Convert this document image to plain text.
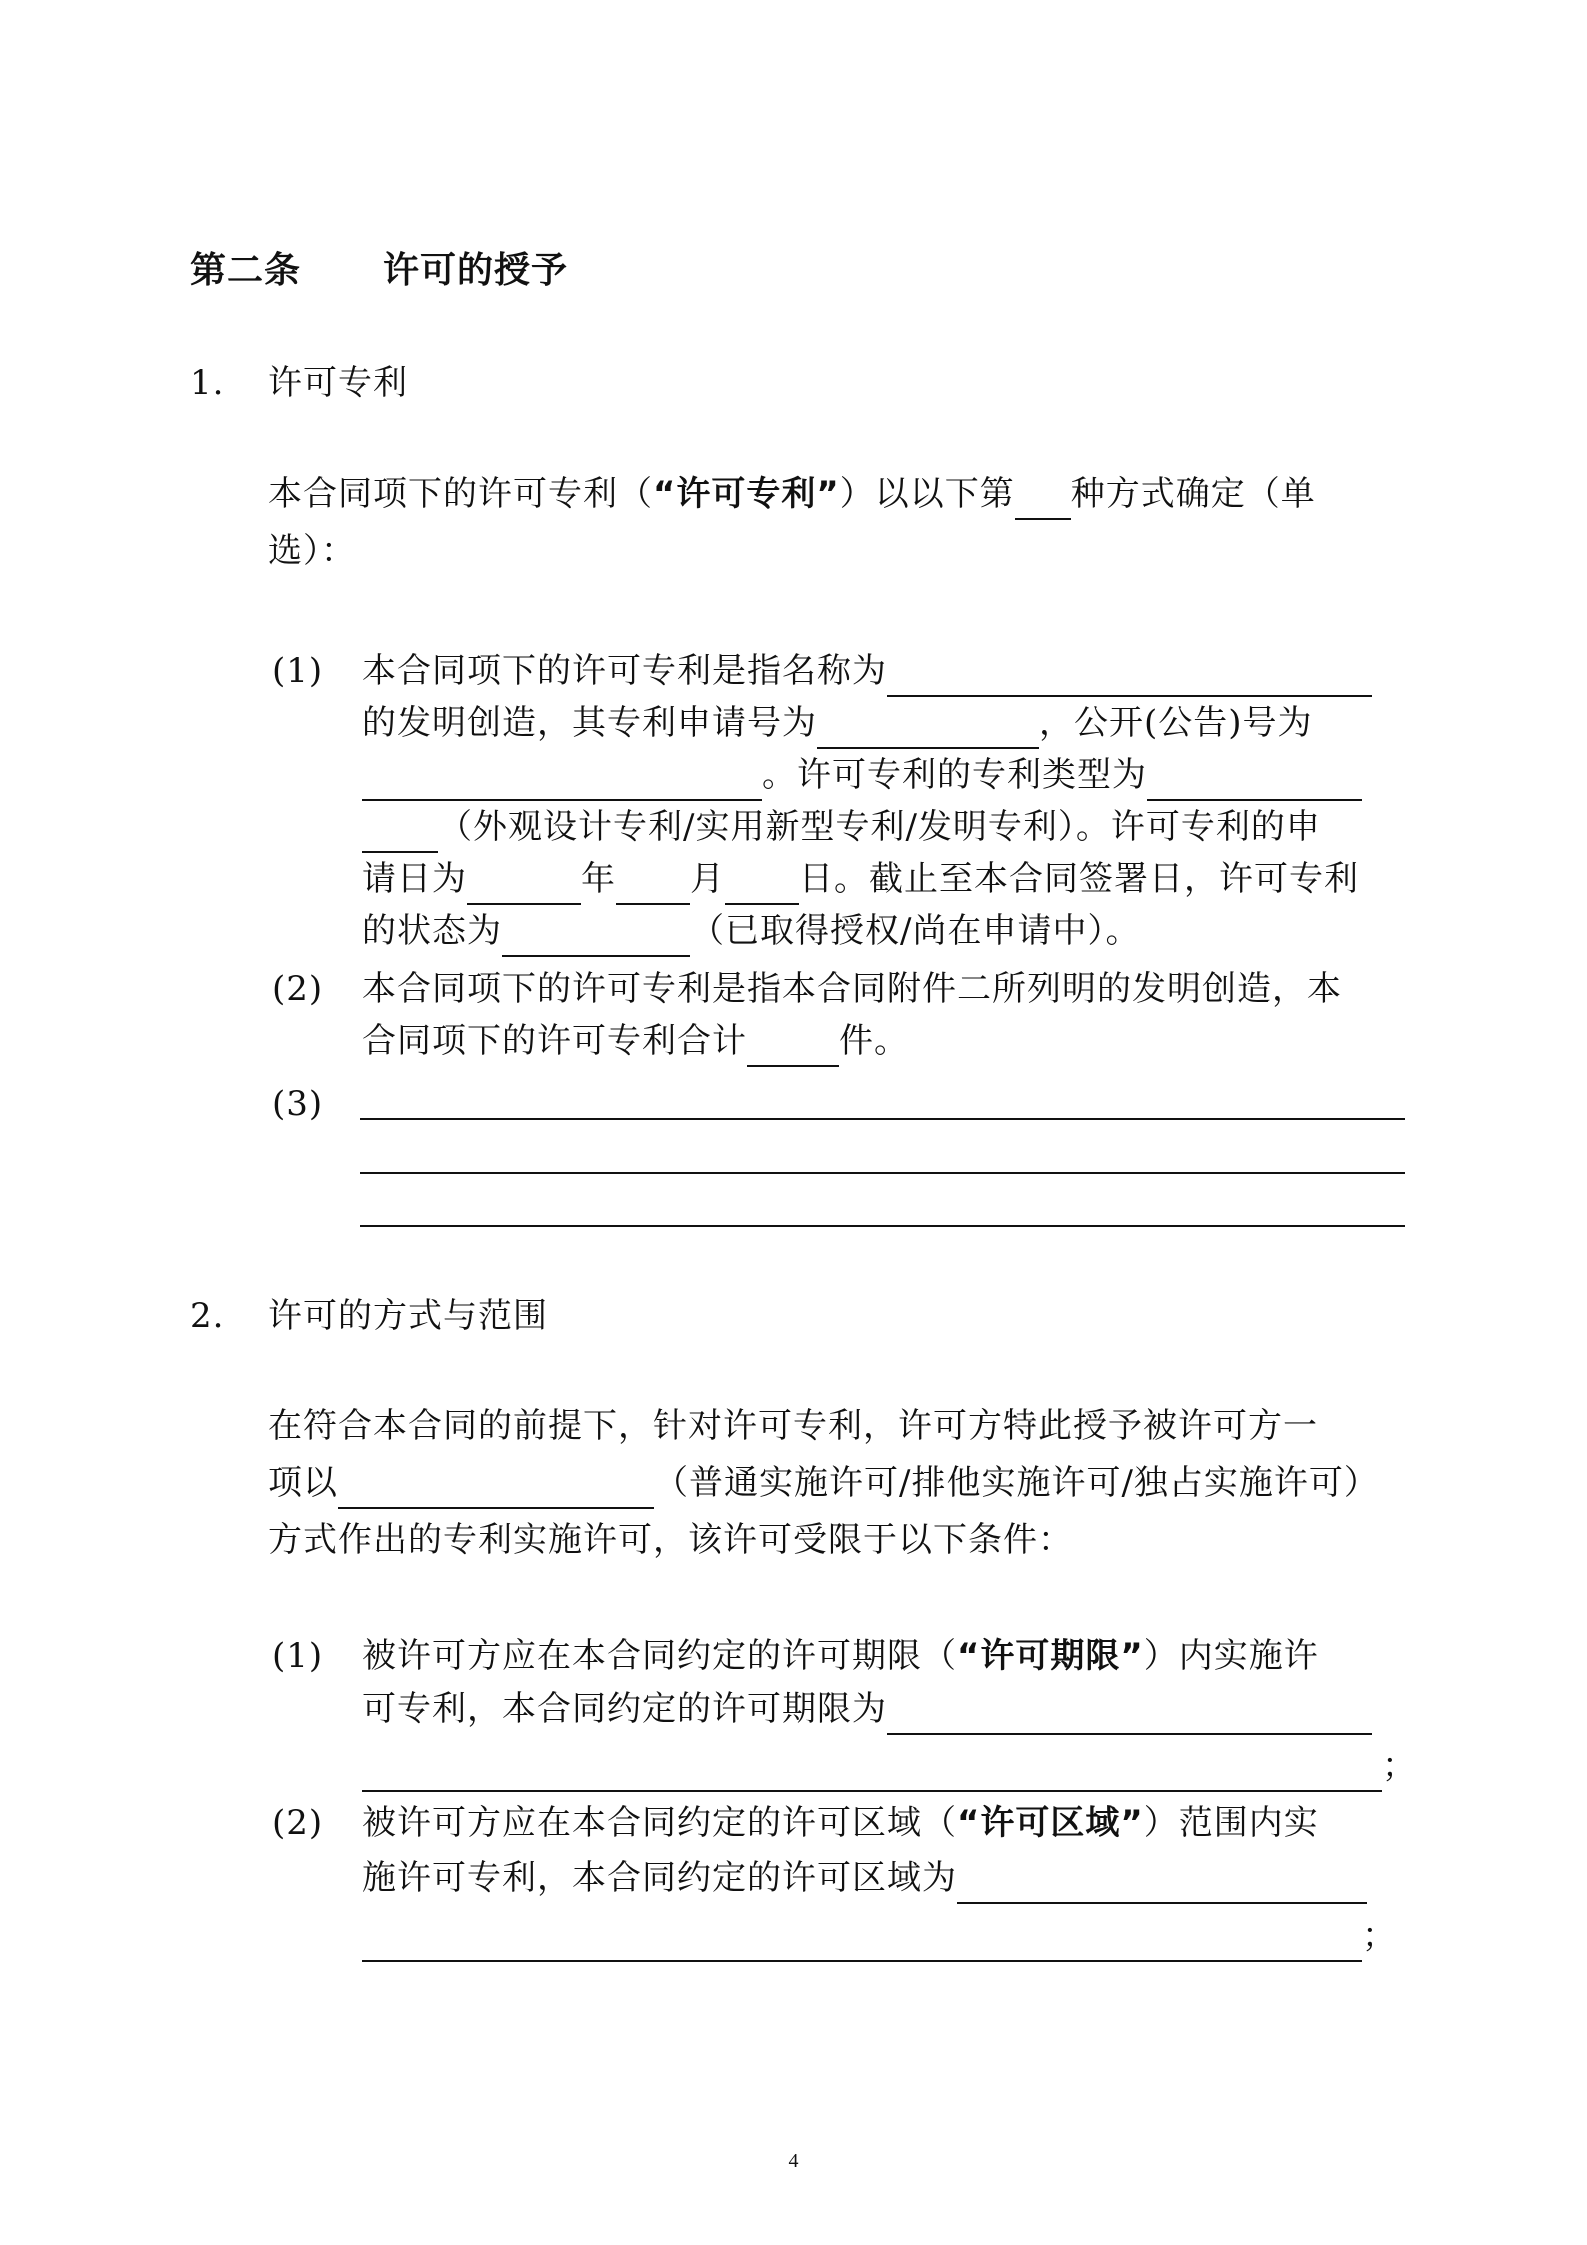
第二条 许可的授予
1. 许可专利
本合同项下的许可专利（“许可专利”）以以下第 种方式确定（单
选）：
(1) 本合同项下的许可专利是指名称为
的发明创造，其专利申请号为	，公开(公告)号为
。许可专利的专利类型为
（外观设计专利/实用新型专利/发明专利）。许可专利的申
请日为	年 月 日。截止至本合同签署日，许可专利
的状态为	（已取得授权/尚在申请中）。
(2) 本合同项下的许可专利是指本合同附件二所列明的发明创造，本
合同项下的许可专利合计	件。
(3)
2. 许可的方式与范围
在符合本合同的前提下，针对许可专利，许可方特此授予被许可方一
项以	（普通实施许可/排他实施许可/独占实施许可）
方式作出的专利实施许可，该许可受限于以下条件：
(1) 被许可方应在本合同约定的许可期限（“许可期限”）内实施许
可专利，本合同约定的许可期限为
；
(2) 被许可方应在本合同约定的许可区域（“许可区域”）范围内实
施许可专利，本合同约定的许可区域为
；
4
